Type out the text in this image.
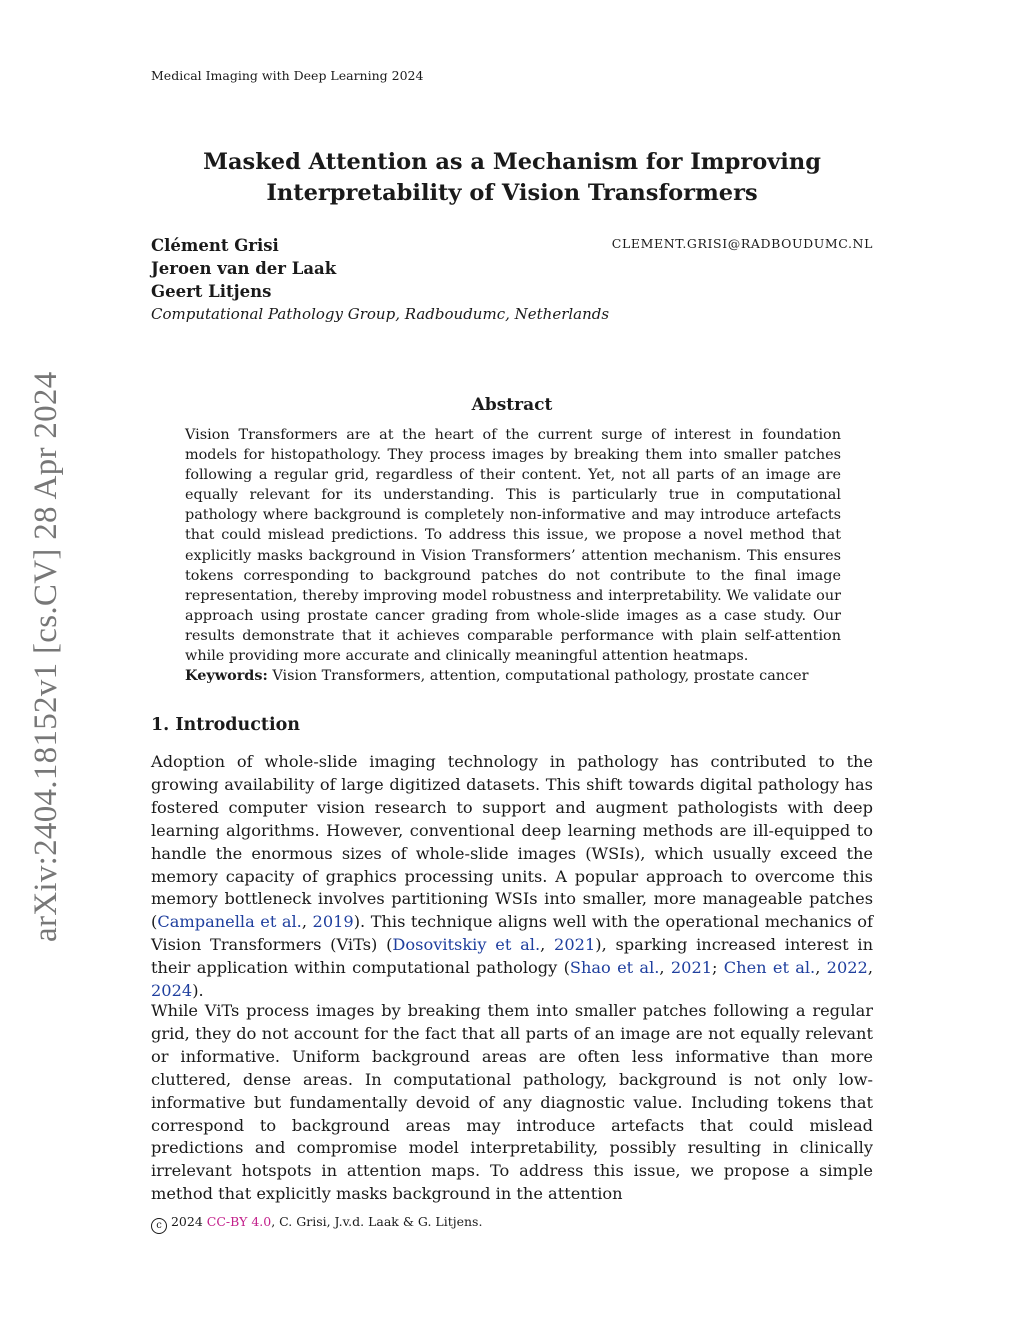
Medical Imaging with Deep Learning 2024
Masked Attention as a Mechanism for Improving
Interpretability of Vision Transformers
Clément Grisi	CLEMENT.GRISI@RADBOUDUMC.NL
Jeroen van der Laak
Geert Litjens
Computational Pathology Group, Radboudumc, Netherlands
arXiv:2404.18152v1 [cs.CV] 28 Apr 2024	Abstract
Vision Transformers are at the heart of the current surge of interest in foundation models for histopathology. They process images by breaking them into smaller patches following a regular grid, regardless of their content. Yet, not all parts of an image are equally relevant for its understanding. This is particularly true in computational pathology where background is completely non-informative and may introduce artefacts that could mislead predictions. To address this issue, we propose a novel method that explicitly masks background in Vision Transformers’ attention mechanism. This ensures tokens corresponding to background patches do not contribute to the final image representation, thereby improving model robustness and interpretability. We validate our approach using prostate cancer grading from whole-slide images as a case study. Our results demonstrate that it achieves comparable performance with plain self-attention while providing more accurate and clinically meaningful attention heatmaps.
Keywords: Vision Transformers, attention, computational pathology, prostate cancer
1. Introduction
Adoption of whole-slide imaging technology in pathology has contributed to the growing availability of large digitized datasets. This shift towards digital pathology has fostered computer vision research to support and augment pathologists with deep learning algorithms. However, conventional deep learning methods are ill-equipped to handle the enormous sizes of whole-slide images (WSIs), which usually exceed the memory capacity of graphics processing units. A popular approach to overcome this memory bottleneck involves partitioning WSIs into smaller, more manageable patches (Campanella et al., 2019). This technique aligns well with the operational mechanics of Vision Transformers (ViTs) (Dosovitskiy et al., 2021), sparking increased interest in their application within computational pathology (Shao et al., 2021; Chen et al., 2022, 2024).
While ViTs process images by breaking them into smaller patches following a regular grid, they do not account for the fact that all parts of an image are not equally relevant or informative. Uniform background areas are often less informative than more cluttered, dense areas. In computational pathology, background is not only low-informative but fundamentally devoid of any diagnostic value. Including tokens that correspond to background areas may introduce artefacts that could mislead predictions and compromise model interpretability, possibly resulting in clinically irrelevant hotspots in attention maps. To address this issue, we propose a simple method that explicitly masks background in the attention
c 2024 CC-BY 4.0, C. Grisi, J.v.d. Laak & G. Litjens.
